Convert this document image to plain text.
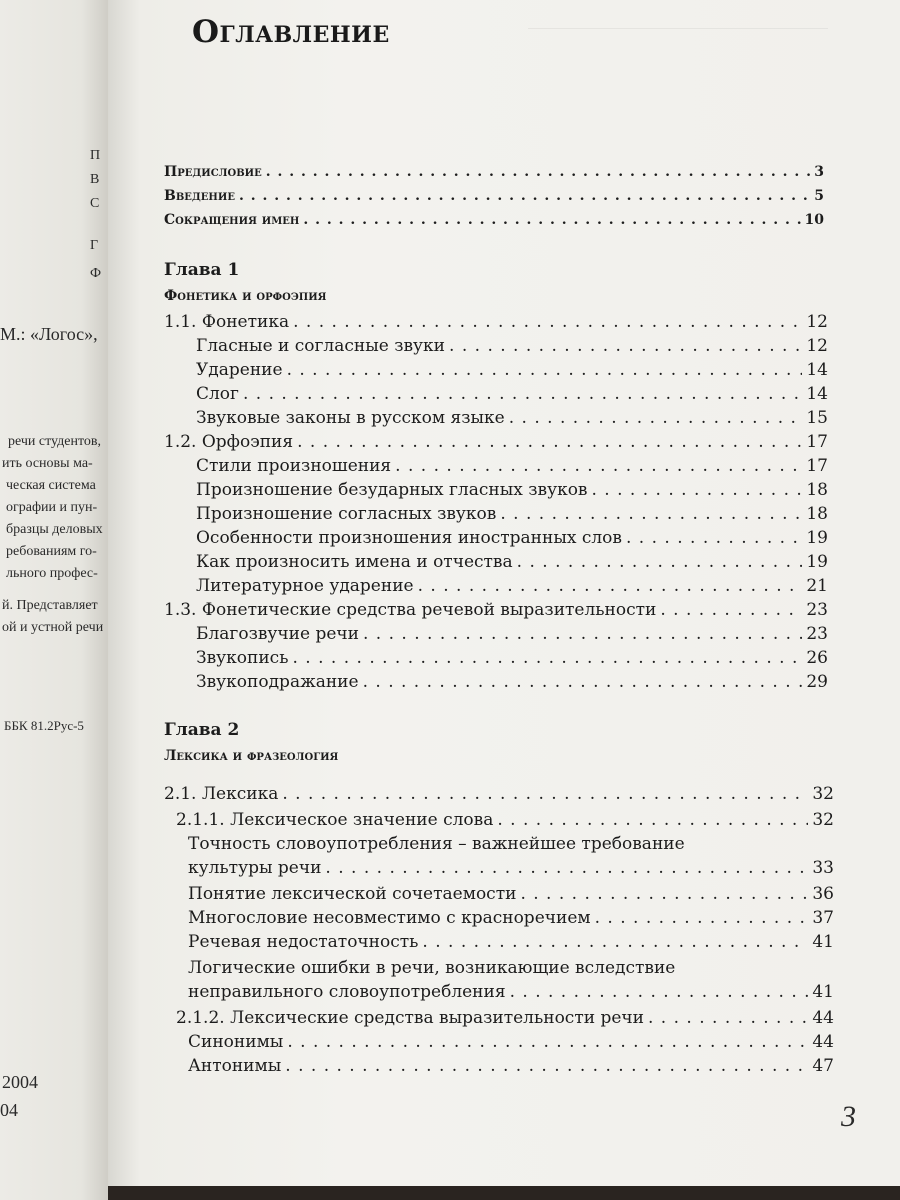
П
В
С
Г
Ф
М.: «Логос»,
речи студентов,
ить основы ма-
ческая система
ографии и пун-
бразцы деловых
ребованиям го-
льного профес-
й. Представляет
ой и устной речи
ББК 81.2Рус-5
2004
04
Оглавление
Предисловие . . .	3
Введение . . .	5
Сокращения имен . . .	10
Глава 1
Фонетика и орфоэпия
1.1. Фонетика . . .	12
Гласные и согласные звуки . . .	12
Ударение . . .	14
Слог . . .	14
Звуковые законы в русском языке . . .	15
1.2. Орфоэпия . . .	17
Стили произношения . . .	17
Произношение безударных гласных звуков . . .	18
Произношение согласных звуков . . .	18
Особенности произношения иностранных слов . . .	19
Как произносить имена и отчества . . .	19
Литературное ударение . . .	21
1.3. Фонетические средства речевой выразительности . . .	23
Благозвучие речи . . .	23
Звукопись . . .	26
Звукоподражание . . .	29
Глава 2
Лексика и фразеология
2.1. Лексика . . .	32
2.1.1. Лексическое значение слова . . .	32
Точность словоупотребления – важнейшее требование
культуры речи . . .	33
Понятие лексической сочетаемости . . .	36
Многословие несовместимо с красноречием . . .	37
Речевая недостаточность . . .	41
Логические ошибки в речи, возникающие вследствие
неправильного словоупотребления . . .	41
2.1.2. Лексические средства выразительности речи . . .	44
Синонимы . . .	44
Антонимы . . .	47
3
